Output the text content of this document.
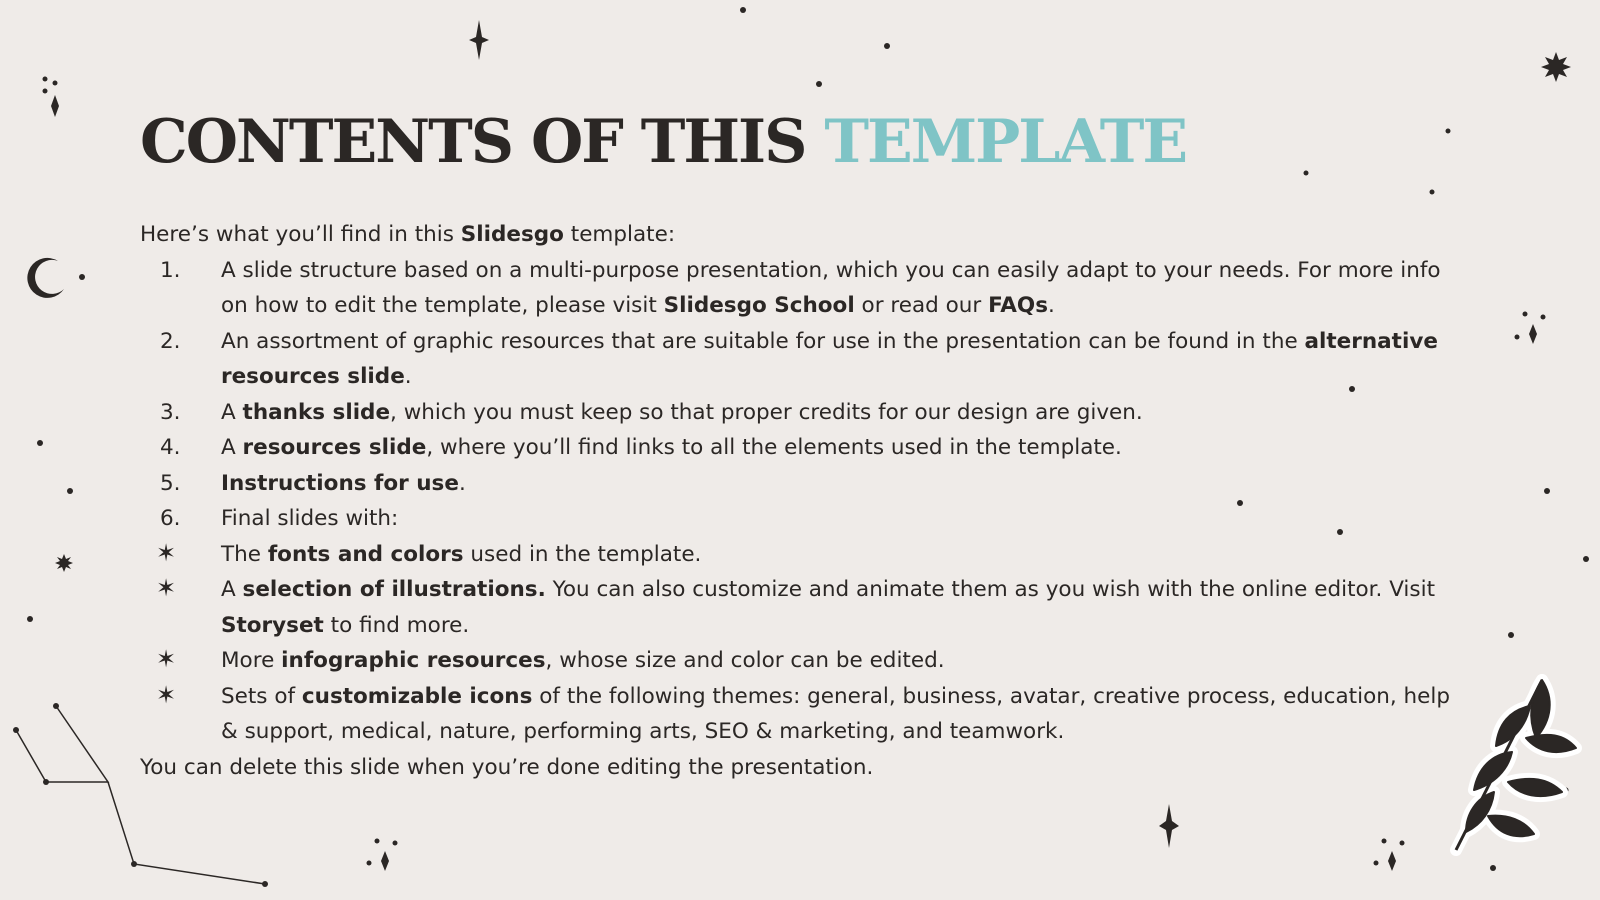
CONTENTS OF THIS TEMPLATE

Here’s what you’ll find in this Slidesgo template:

1. A slide structure based on a multi-purpose presentation, which you can easily adapt to your needs. For more info on how to edit the template, please visit Slidesgo School or read our FAQs.
2. An assortment of graphic resources that are suitable for use in the presentation can be found in the alternative resources slide.
3. A thanks slide, which you must keep so that proper credits for our design are given.
4. A resources slide, where you’ll find links to all the elements used in the template.
5. Instructions for use.
6. Final slides with:
✶ The fonts and colors used in the template.
✶ A selection of illustrations. You can also customize and animate them as you wish with the online editor. Visit Storyset to find more.
✶ More infographic resources, whose size and color can be edited.
✶ Sets of customizable icons of the following themes: general, business, avatar, creative process, education, help & support, medical, nature, performing arts, SEO & marketing, and teamwork.

You can delete this slide when you’re done editing the presentation.
